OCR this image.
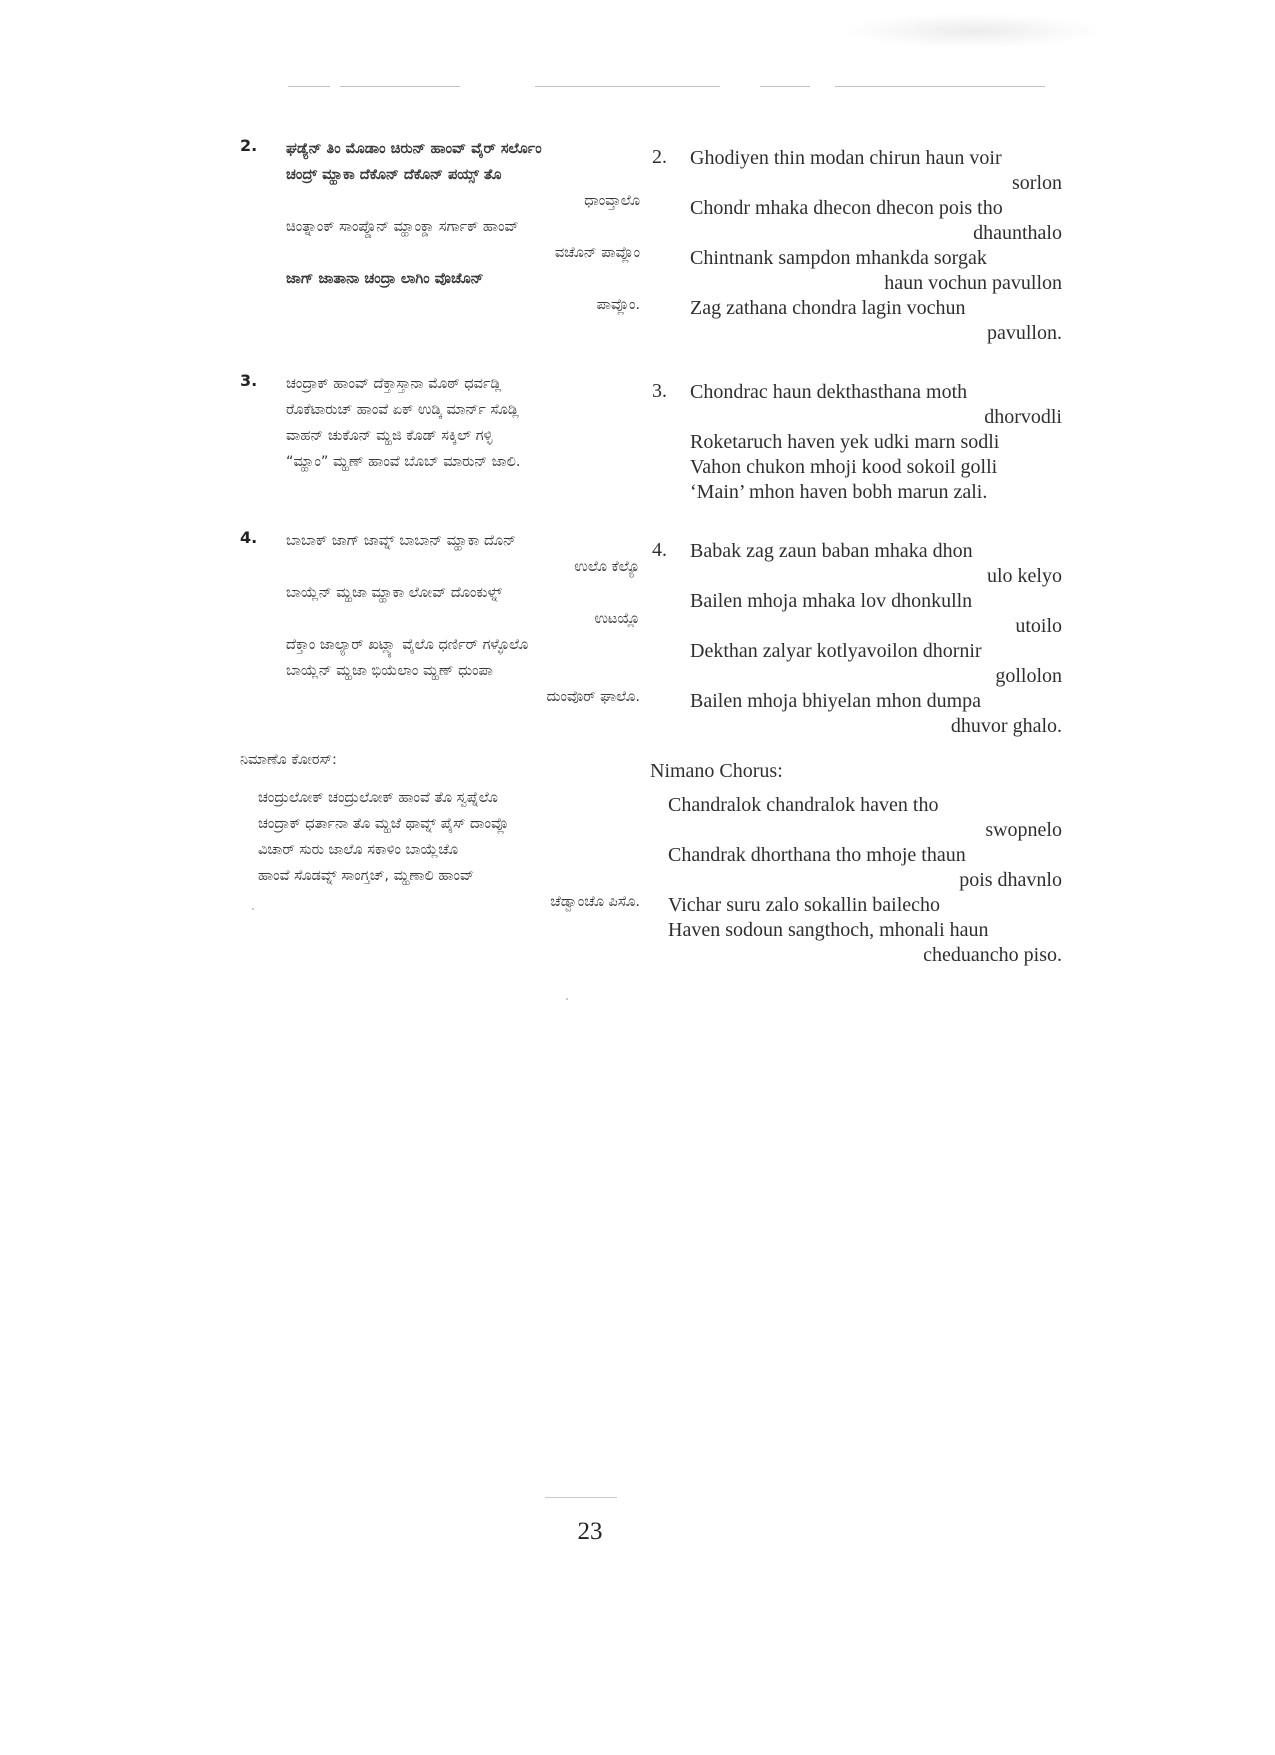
2. ಘಡ್ಯೆನ್ ತಿಂ ಮೊಡಾಂ ಚಿರುನ್ ಹಾಂವ್ ವೈರ್ ಸರ್ಲೊಂ
ಚಂದ್ರ್ ಮ್ಹಾಕಾ ದೆಕೊನ್ ದೆಕೊನ್ ಪಯ್ಸ್ ತೊ
ಧಾಂವ್ತಾಲೊ
ಚಿಂತ್ನಾಂಕ್ ಸಾಂಪ್ಡೊನ್ ಮ್ಹಾಂಕ್ಡಾ ಸರ್ಗಾಕ್ ಹಾಂವ್
ವಚೊನ್ ಪಾವ್ಲೊಂ
ಜಾಗ್ ಜಾತಾನಾ ಚಂದ್ರಾ ಲಾಗಿಂ ವೊಚೊನ್
ಪಾವ್ಲೊಂ.
2. Ghodiyen thin modan chirun haun voir
sorlon
Chondr mhaka dhecon dhecon pois tho
dhaunthalo
Chintnank sampdon mhankda sorgak
haun vochun pavullon
Zag zathana chondra lagin vochun
pavullon.
3. ಚಂದ್ರಾಕ್ ಹಾಂವ್ ದೆಕ್ತಾಸ್ತಾನಾ ಮೊಠ್ ಧರ್ವಡ್ಲಿ
ರೊಕೆಟಾರುಚ್ ಹಾಂವೆ ಏಕ್ ಉಡ್ಕಿ ಮಾರ್ನ್ ಸೊಡ್ಲಿ
ವಾಹನ್ ಚುಕೊನ್ ಮ್ಹಜಿ ಕೊಡ್ ಸಕ್ಕಿಲ್ ಗಳ್ಳಿ
“ಮ್ಹಾಂ” ಮ್ಹಣ್ ಹಾಂವೆ ಬೊಬ್ ಮಾರುನ್ ಜಾಲಿ.
3. Chondrac haun dekthasthana moth
dhorvodli
Roketaruch haven yek udki marn sodli
Vahon chukon mhoji kood sokoil golli
‘Main’ mhon haven bobh marun zali.
4. ಬಾಬಾಕ್ ಜಾಗ್ ಜಾವ್ನ್ ಬಾಬಾನ್ ಮ್ಹಾಕಾ ದೊನ್
ಉಲೊ ಕೆಲ್ಯೊ
ಬಾಯ್ಲೆನ್ ಮ್ಹಜಾ ಮ್ಹಾಕಾ ಲೋವ್ ದೊಂಕುಳ್ನ್
ಉಟಯ್ಲೊ
ದೆಕ್ತಾಂ ಜಾಲ್ಯಾರ್ ಖಟ್ಲ್ಯಾ ವೈಲೊ ಧರ್ಣಿರ್ ಗಳ್ಳೊಲೊ
ಬಾಯ್ಲೆನ್ ಮ್ಹಜಾ ಭಿಯೆಲಾಂ ಮ್ಹಣ್ ಧುಂಪಾ
ದುಂವೊರ್ ಘಾಲೊ.
4. Babak zag zaun baban mhaka dhon
ulo kelyo
Bailen mhoja mhaka lov dhonkulln
utoilo
Dekthan zalyar kotlyavoilon dhornir
gollolon
Bailen mhoja bhiyelan mhon dumpa
dhuvor ghalo.
ನಿಮಾಣೊ ಕೋರಸ್:	Nimano Chorus:
ಚಂದ್ರುಲೋಕ್ ಚಂದ್ರುಲೋಕ್ ಹಾಂವೆ ತೊ ಸ್ವಪ್ನೆಲೊ
ಚಂದ್ರಾಕ್ ಧರ್ತಾನಾ ತೊ ಮ್ಹಜೆ ಥಾವ್ನ್ ಪೈಸ್ ದಾಂವ್ಲೊ
ವಿಚಾರ್ ಸುರು ಜಾಲೊ ಸಕಾಳಿಂ ಬಾಯ್ಲೆಚೊ
ಹಾಂವೆ ಸೊಡವ್ನ್ ಸಾಂಗ್ತಚ್, ಮ್ಹಣಾಲಿ ಹಾಂವ್
ಚೆಡ್ವಾಂಚೊ ಪಿಸೊ.
Chandralok chandralok haven tho
swopnelo
Chandrak dhorthana tho mhoje thaun
pois dhavnlo
Vichar suru zalo sokallin bailecho
Haven sodoun sangthoch, mhonali haun
cheduancho piso.
23
